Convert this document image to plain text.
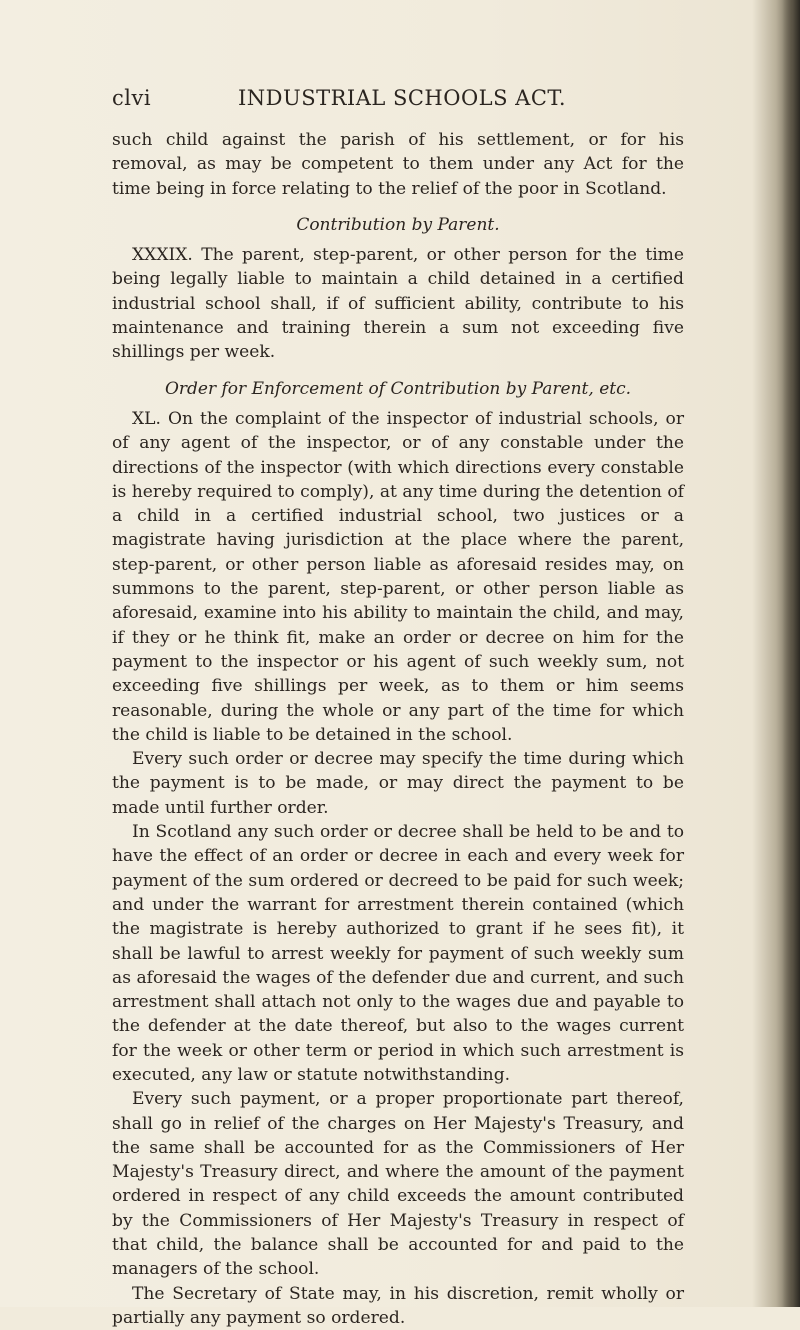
clvi	INDUSTRIAL SCHOOLS ACT.

such child against the parish of his settlement, or for his removal, as may be competent to them under any Act for the time being in force relating to the relief of the poor in Scotland.

Contribution by Parent.

XXXIX. The parent, step-parent, or other person for the time being legally liable to maintain a child detained in a certified industrial school shall, if of sufficient ability, contribute to his maintenance and training therein a sum not exceeding five shillings per week.

Order for Enforcement of Contribution by Parent, etc.

XL. On the complaint of the inspector of industrial schools, or of any agent of the inspector, or of any constable under the directions of the inspector (with which directions every constable is hereby required to comply), at any time during the detention of a child in a certified industrial school, two justices or a magistrate having jurisdiction at the place where the parent, step-parent, or other person liable as aforesaid resides may, on summons to the parent, step-parent, or other person liable as aforesaid, examine into his ability to maintain the child, and may, if they or he think fit, make an order or decree on him for the payment to the inspector or his agent of such weekly sum, not exceeding five shillings per week, as to them or him seems reasonable, during the whole or any part of the time for which the child is liable to be detained in the school.

Every such order or decree may specify the time during which the payment is to be made, or may direct the payment to be made until further order.

In Scotland any such order or decree shall be held to be and to have the effect of an order or decree in each and every week for payment of the sum ordered or decreed to be paid for such week; and under the warrant for arrestment therein contained (which the magistrate is hereby authorized to grant if he sees fit), it shall be lawful to arrest weekly for payment of such weekly sum as aforesaid the wages of the defender due and current, and such arrestment shall attach not only to the wages due and payable to the defender at the date thereof, but also to the wages current for the week or other term or period in which such arrestment is executed, any law or statute notwithstanding.

Every such payment, or a proper proportionate part thereof, shall go in relief of the charges on Her Majesty's Treasury, and the same shall be accounted for as the Commissioners of Her Majesty's Treasury direct, and where the amount of the payment ordered in respect of any child exceeds the amount contributed by the Commissioners of Her Majesty's Treasury in respect of that child, the balance shall be accounted for and paid to the managers of the school.

The Secretary of State may, in his discretion, remit wholly or partially any payment so ordered.
